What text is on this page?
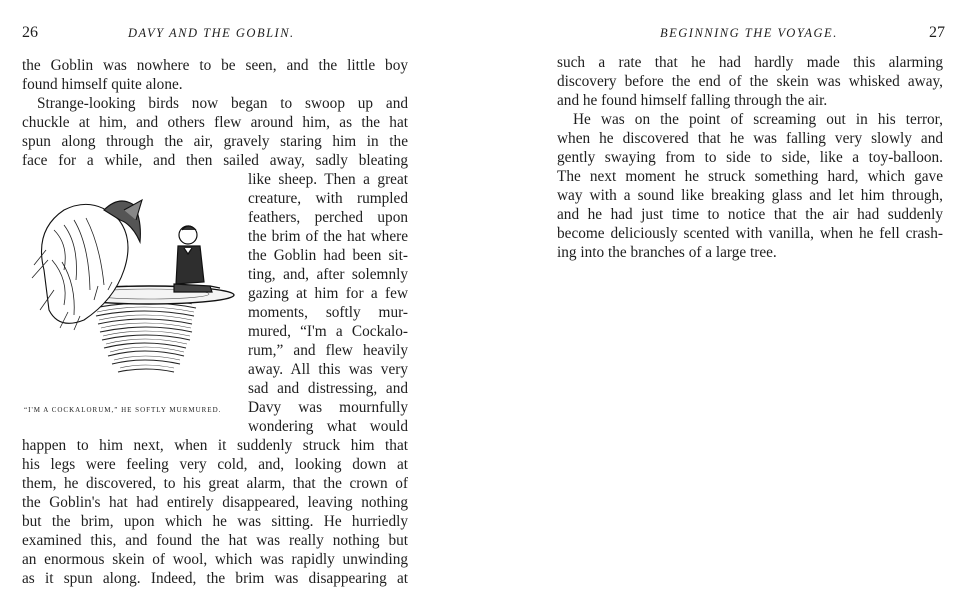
26	DAVY AND THE GOBLIN.
the Goblin was nowhere to be seen, and the little boy
found himself quite alone.
Strange-looking birds now began to swoop up and
chuckle at him, and others flew around him, as the hat
spun along through the air, gravely staring him in the
face for a while, and then sailed away, sadly bleating
like sheep. Then a great
creature, with rumpled
feathers, perched upon
the brim of the hat where
the Goblin had been sit-
ting, and, after solemnly
gazing at him for a few
moments, softly mur-
mured, “I'm a Cockalo-
rum,” and flew heavily
away. All this was very
sad and distressing, and
Davy was mournfully
wondering what would
“I'M A COCKALORUM,” HE SOFTLY MURMURED.
happen to him next, when it suddenly struck him that
his legs were feeling very cold, and, looking down at
them, he discovered, to his great alarm, that the crown of
the Goblin's hat had entirely disappeared, leaving nothing
but the brim, upon which he was sitting. He hurriedly
examined this, and found the hat was really nothing but
an enormous skein of wool, which was rapidly unwinding
as it spun along. Indeed, the brim was disappearing at
BEGINNING THE VOYAGE.	27
such a rate that he had hardly made this alarming
discovery before the end of the skein was whisked away,
and he found himself falling through the air.
He was on the point of screaming out in his terror,
when he discovered that he was falling very slowly and
gently swaying from to side to side, like a toy-balloon.
The next moment he struck something hard, which gave
way with a sound like breaking glass and let him through,
and he had just time to notice that the air had suddenly
become deliciously scented with vanilla, when he fell crash-
ing into the branches of a large tree.
